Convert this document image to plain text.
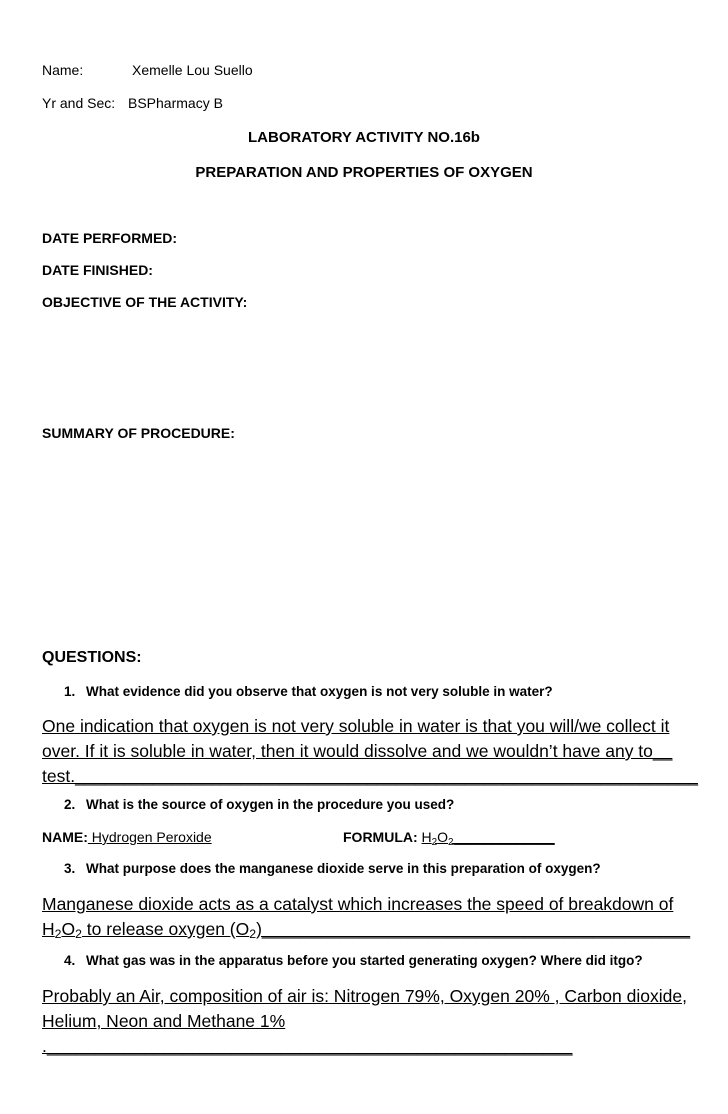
Name:	Xemelle Lou Suello
Yr and Sec: BSPharmacy B
LABORATORY ACTIVITY NO.16b
PREPARATION AND PROPERTIES OF OXYGEN
DATE PERFORMED:
DATE FINISHED:
OBJECTIVE OF THE ACTIVITY:
SUMMARY OF PROCEDURE:
QUESTIONS:
1. What evidence did you observe that oxygen is not very soluble in water?
One indication that oxygen is not very soluble in water is that you will/we collect it
over. If it is soluble in water, then it would dissolve and we wouldn’t have any to__
test.________________________________________________________________
2. What is the source of oxygen in the procedure you used?
NAME: Hydrogen Peroxide	FORMULA: $H_2O_2\_\_\_\_\_\_\_\_\_\_\_\_\_$
3. What purpose does the manganese dioxide serve in this preparation of oxygen?
Manganese dioxide acts as a catalyst which increases the speed of breakdown of
$H_2O_2$ to release oxygen $(O_2)\_\_\_\_\_\_\_\_\_\_\_\_\_\_\_\_\_\_\_\_\_\_\_\_\_\_\_\_\_\_\_\_\_\_\_\_\_\_\_\_\_\_\_\_$
4. What gas was in the apparatus before you started generating oxygen? Where did itgo?
Probably an Air, composition of air is: Nitrogen 79%, Oxygen 20% , Carbon dioxide,
Helium, Neon and Methane 1%
.______________________________________________________
